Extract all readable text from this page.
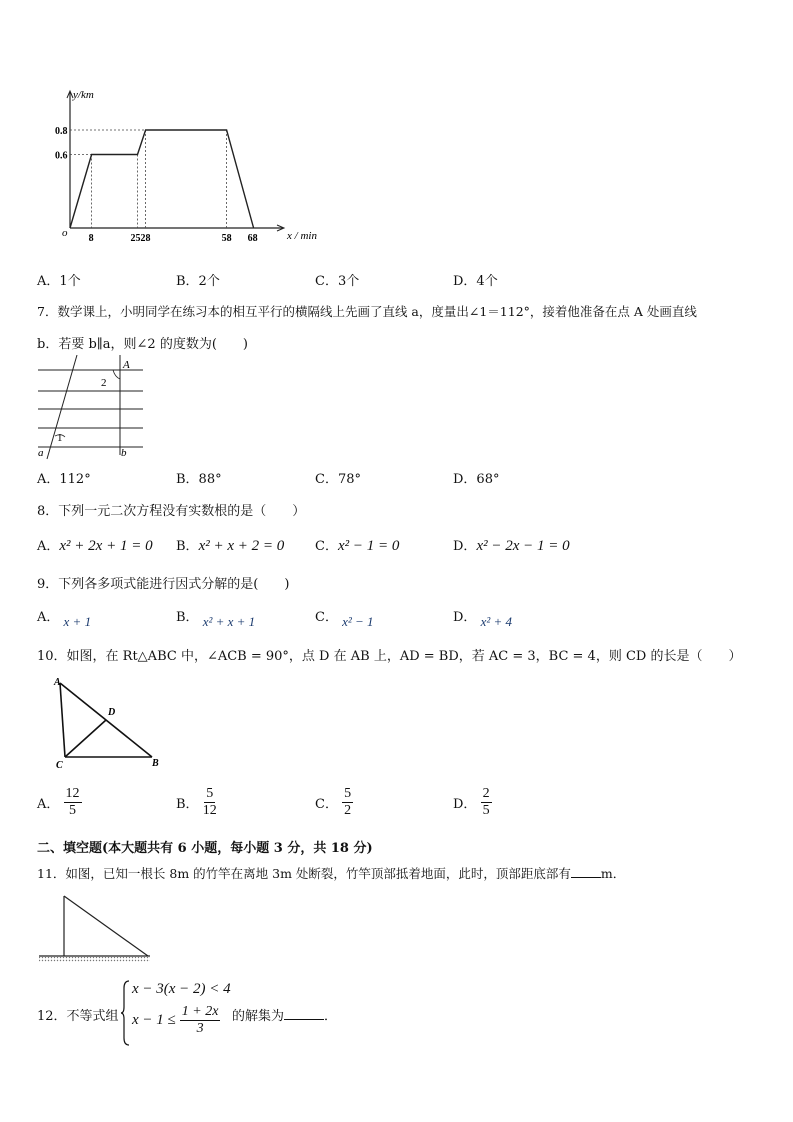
y/km
x / min
o
0.8
0.6
8	2528	58 68
A．1个	B．2个	C．3个	D．4个
7．数学课上，小明同学在练习本的相互平行的横隔线上先画了直线 a，度量出∠1＝112°，接着他准备在点 A 处画直线
b．若要 b∥a，则∠2 的度数为(　　)
A
2
1
a	b
A．112°	B．88°	C．78°	D．68°
8．下列一元二次方程没有实数根的是（　　）
A．x² + 2x + 1 = 0 B．x² + x + 2 = 0 C．x² − 1 = 0	D．x² − 2x − 1 = 0
9．下列各多项式能进行因式分解的是(　　)
A． x + 1	B． x² + x + 1	C． x² − 1	D． x² + 4
10．如图，在 Rt△ABC 中，∠ACB = 90°，点 D 在 AB 上，AD = BD，若 AC = 3，BC = 4，则 CD 的长是（　　）
A
D
C	B
A． $\frac{12}{5}$	B． $\frac{5}{12}$	C． $\frac{5}{2}$	D． $\frac{2}{5}$
二、填空题(本大题共有 6 小题，每小题 3 分，共 18 分)
11．如图，已知一根长 8m 的竹竿在离地 3m 处断裂，竹竿顶部抵着地面，此时，顶部距底部有 m．
12．不等式组
x − 3(x − 2) < 4
$x - 1 \le \frac{1 + 2x}{3}$ 的解集为	．
